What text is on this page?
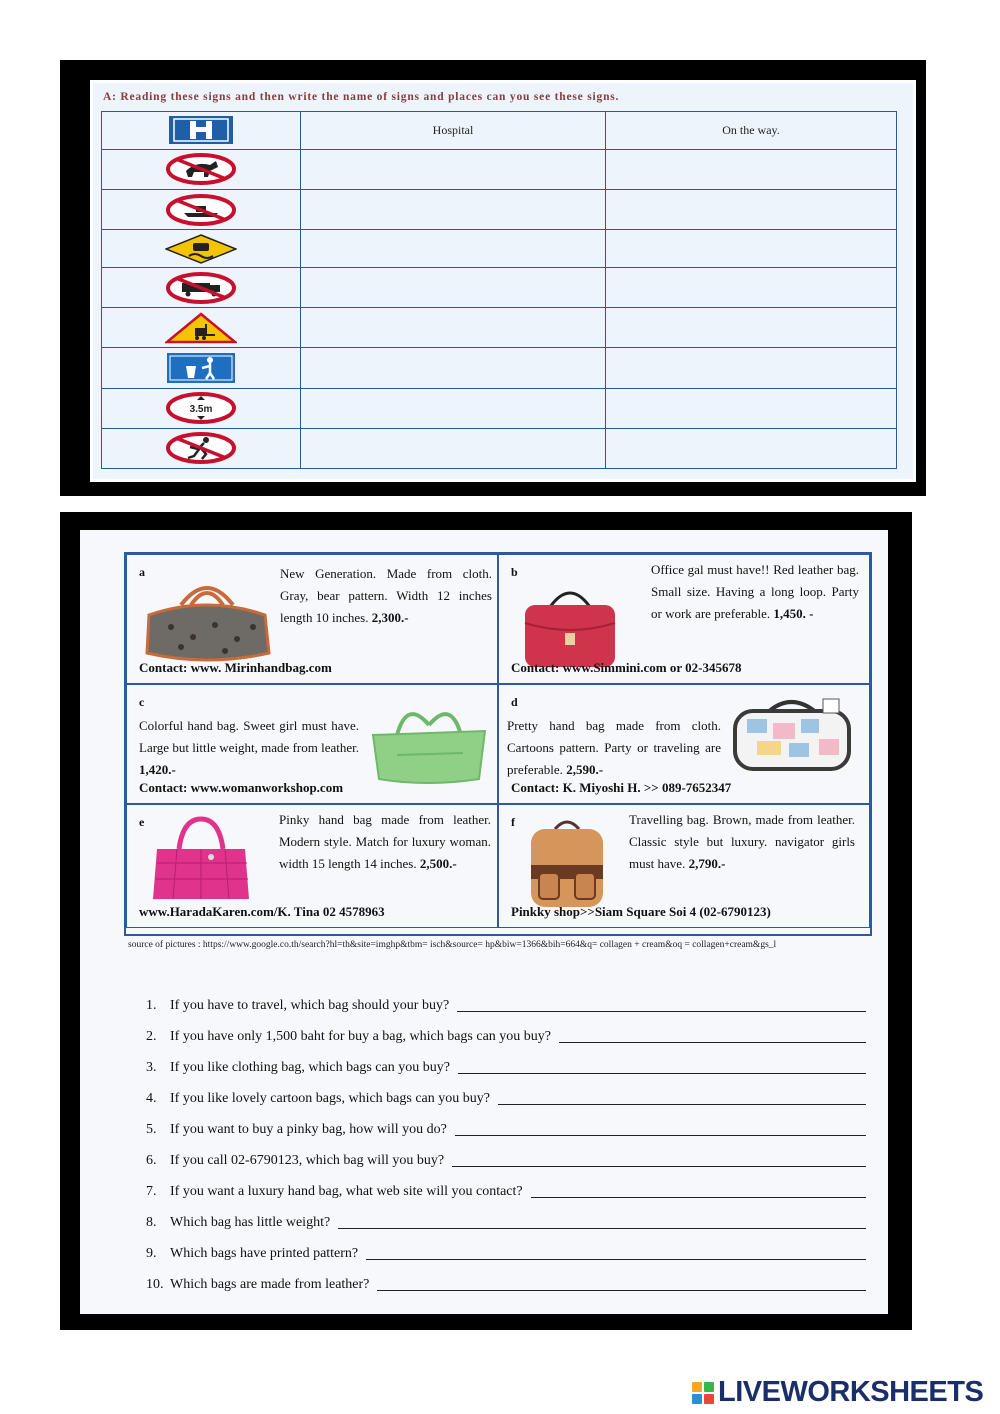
A: Reading these signs and then write the name of signs and places can you see these signs.
	Hospital	On the way.

3.5m		

a	New Generation. Made from cloth. Gray, bear pattern. Width 12 inches length 10 inches. 2,300.-
Contact: www. Mirinhandbag.com
b	Office gal must have!! Red leather bag. Small size. Having a long loop. Party or work are preferable. 1,450. -
Contact: www.Simmini.com or 02-345678
c
Colorful hand bag. Sweet girl must have. Large but little weight, made from leather. 1,420.-
Contact: www.womanworkshop.com
d
Pretty hand bag made from cloth. Cartoons pattern. Party or traveling are preferable. 2,590.-
Contact: K. Miyoshi H. >> 089-7652347
e	Pinky hand bag made from leather. Modern style. Match for luxury woman. width 15 length 14 inches. 2,500.-
www.HaradaKaren.com/K. Tina 02 4578963
f	Travelling bag. Brown, made from leather. Classic style but luxury. navigator girls must have. 2,790.-
Pinkky shop>>Siam Square Soi 4 (02-6790123)
source of pictures : https://www.google.co.th/search?hl=th&site=imghp&tbm= isch&source= hp&biw=1366&bih=664&q= collagen + cream&oq = collagen+cream&gs_l
1. If you have to travel, which bag should your buy?
2. If you have only 1,500 baht for buy a bag, which bags can you buy?
3. If you like clothing bag, which bags can you buy?
4. If you like lovely cartoon bags, which bags can you buy?
5. If you want to buy a pinky bag, how will you do?
6. If you call 02-6790123, which bag will you buy?
7. If you want a luxury hand bag, what web site will you contact?
8. Which bag has little weight?
9. Which bags have printed pattern?
10. Which bags are made from leather?
LIVEWORKSHEETS
